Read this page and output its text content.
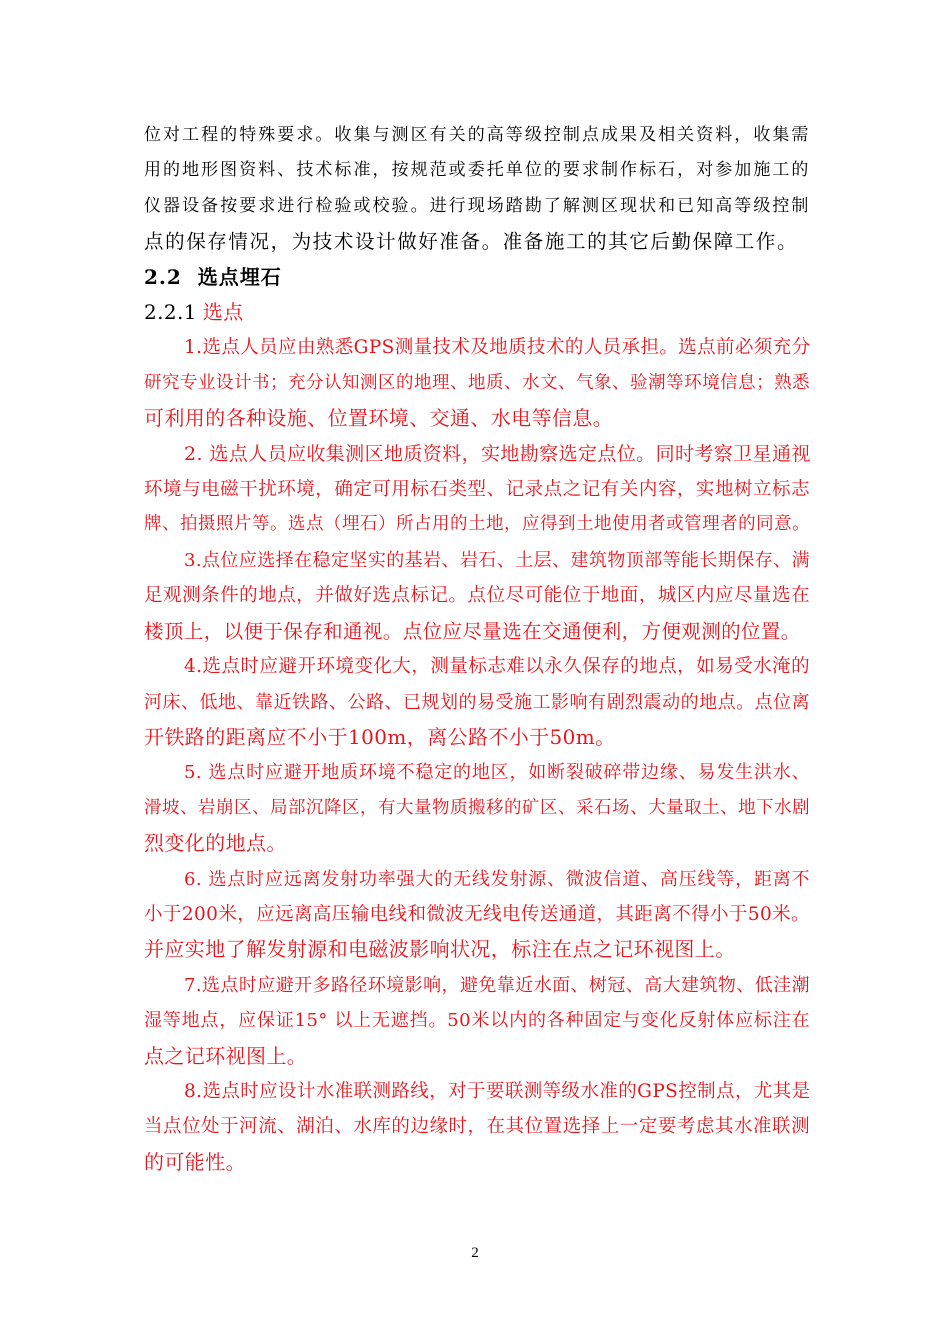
位对工程的特殊要求。收集与测区有关的高等级控制点成果及相关资料，收集需
用的地形图资料、技术标准，按规范或委托单位的要求制作标石，对参加施工的
仪器设备按要求进行检验或校验。进行现场踏勘了解测区现状和已知高等级控制
点的保存情况，为技术设计做好准备。准备施工的其它后勤保障工作。
2.2 选点埋石
2.2.1 选点
1.选点人员应由熟悉GPS测量技术及地质技术的人员承担。选点前必须充分
研究专业设计书；充分认知测区的地理、地质、水文、气象、验潮等环境信息；熟悉
可利用的各种设施、位置环境、交通、水电等信息。
2. 选点人员应收集测区地质资料，实地勘察选定点位。同时考察卫星通视
环境与电磁干扰环境，确定可用标石类型、记录点之记有关内容，实地树立标志
牌、拍摄照片等。选点（埋石）所占用的土地，应得到土地使用者或管理者的同意。
3.点位应选择在稳定坚实的基岩、岩石、土层、建筑物顶部等能长期保存、满
足观测条件的地点，并做好选点标记。点位尽可能位于地面，城区内应尽量选在
楼顶上，以便于保存和通视。点位应尽量选在交通便利，方便观测的位置。
4.选点时应避开环境变化大，测量标志难以永久保存的地点，如易受水淹的
河床、低地、靠近铁路、公路、已规划的易受施工影响有剧烈震动的地点。点位离
开铁路的距离应不小于100m，离公路不小于50m。
5. 选点时应避开地质环境不稳定的地区，如断裂破碎带边缘、易发生洪水、
滑坡、岩崩区、局部沉降区，有大量物质搬移的矿区、采石场、大量取土、地下水剧
烈变化的地点。
6. 选点时应远离发射功率强大的无线发射源、微波信道、高压线等，距离不
小于200米，应远离高压输电线和微波无线电传送通道，其距离不得小于50米。
并应实地了解发射源和电磁波影响状况，标注在点之记环视图上。
7.选点时应避开多路径环境影响，避免靠近水面、树冠、高大建筑物、低洼潮
湿等地点，应保证15° 以上无遮挡。50米以内的各种固定与变化反射体应标注在
点之记环视图上。
8.选点时应设计水准联测路线，对于要联测等级水准的GPS控制点，尤其是
当点位处于河流、湖泊、水库的边缘时，在其位置选择上一定要考虑其水准联测
的可能性。
2
